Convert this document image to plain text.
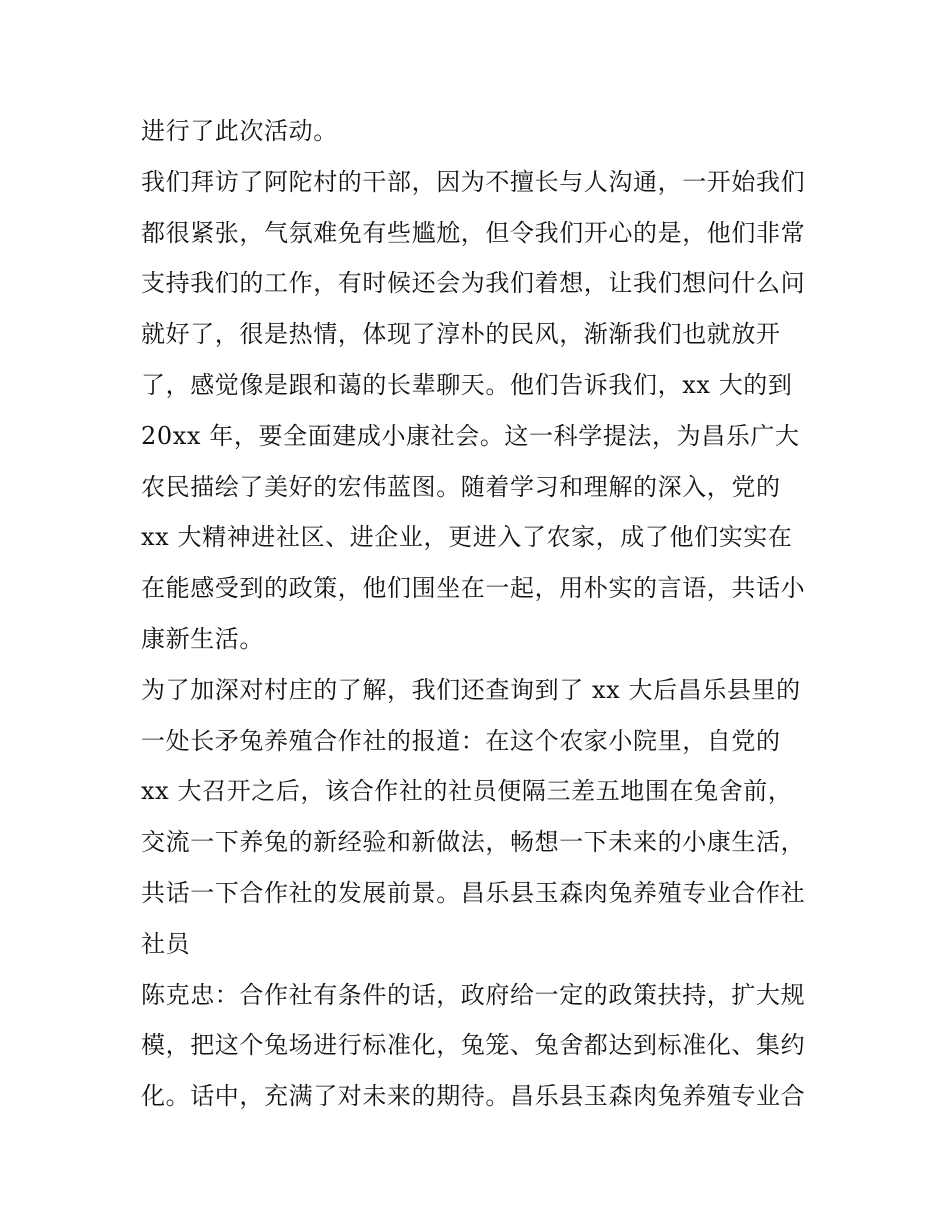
进行了此次活动。
我们拜访了阿陀村的干部，因为不擅长与人沟通，一开始我们
都很紧张，气氛难免有些尴尬，但令我们开心的是，他们非常
支持我们的工作，有时候还会为我们着想，让我们想问什么问
就好了，很是热情，体现了淳朴的民风，渐渐我们也就放开
了，感觉像是跟和蔼的长辈聊天。他们告诉我们，xx 大的到
20xx 年，要全面建成小康社会。这一科学提法，为昌乐广大
农民描绘了美好的宏伟蓝图。随着学习和理解的深入，党的
xx 大精神进社区、进企业，更进入了农家，成了他们实实在
在能感受到的政策，他们围坐在一起，用朴实的言语，共话小
康新生活。
为了加深对村庄的了解，我们还查询到了 xx 大后昌乐县里的
一处长矛兔养殖合作社的报道：在这个农家小院里，自党的
xx 大召开之后，该合作社的社员便隔三差五地围在兔舍前，
交流一下养兔的新经验和新做法，畅想一下未来的小康生活，
共话一下合作社的发展前景。昌乐县玉森肉兔养殖专业合作社
社员
陈克忠：合作社有条件的话，政府给一定的政策扶持，扩大规
模，把这个兔场进行标准化，兔笼、兔舍都达到标准化、集约
化。话中，充满了对未来的期待。昌乐县玉森肉兔养殖专业合
